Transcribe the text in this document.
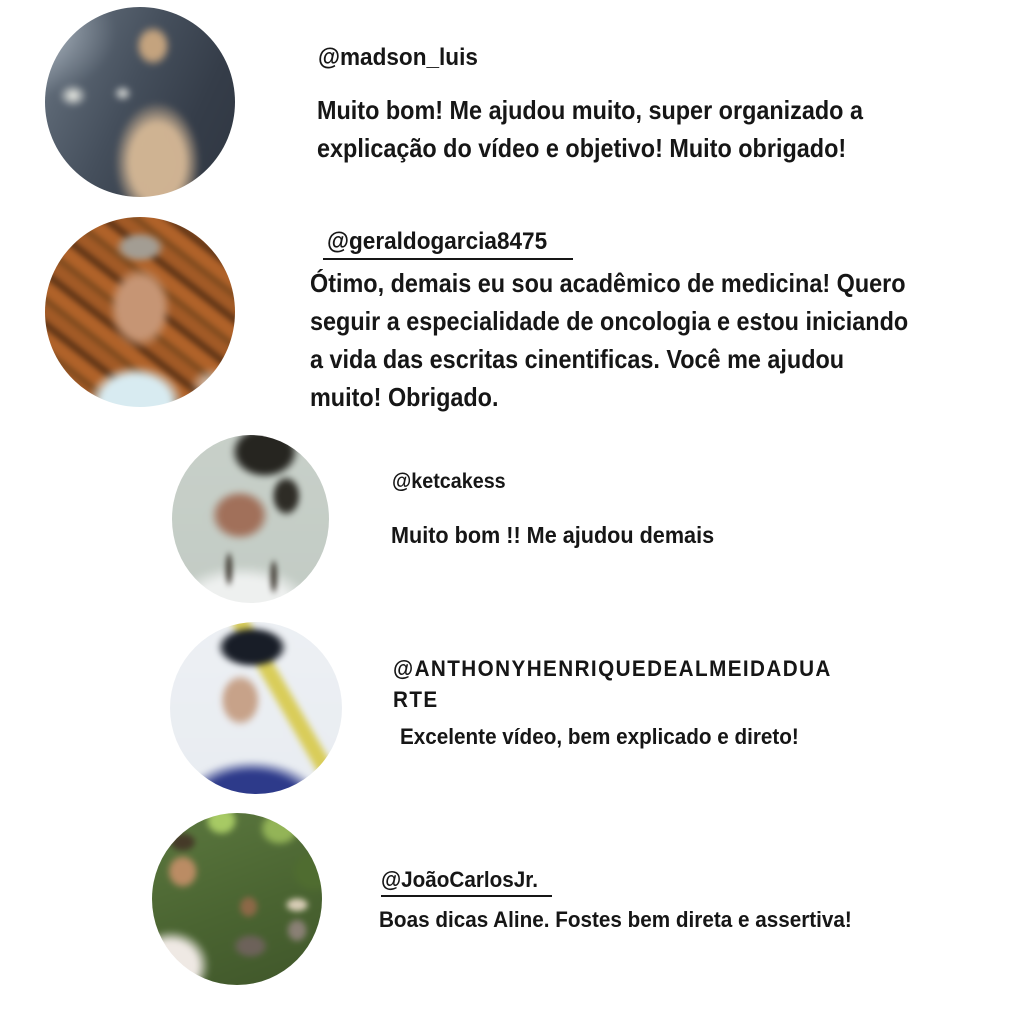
@madson_luis
Muito bom! Me ajudou muito, super organizado a
explicação do vídeo e objetivo! Muito obrigado!
@geraldogarcia8475
Ótimo, demais eu sou acadêmico de medicina! Quero
seguir a especialidade de oncologia e estou iniciando
a vida das escritas cinentificas. Você me ajudou
muito! Obrigado.
@ketcakess
Muito bom !! Me ajudou demais
@ANTHONYHENRIQUEDEALMEIDADUA
RTE
Excelente vídeo, bem explicado e direto!
@JoãoCarlosJr.
Boas dicas Aline. Fostes bem direta e assertiva!
